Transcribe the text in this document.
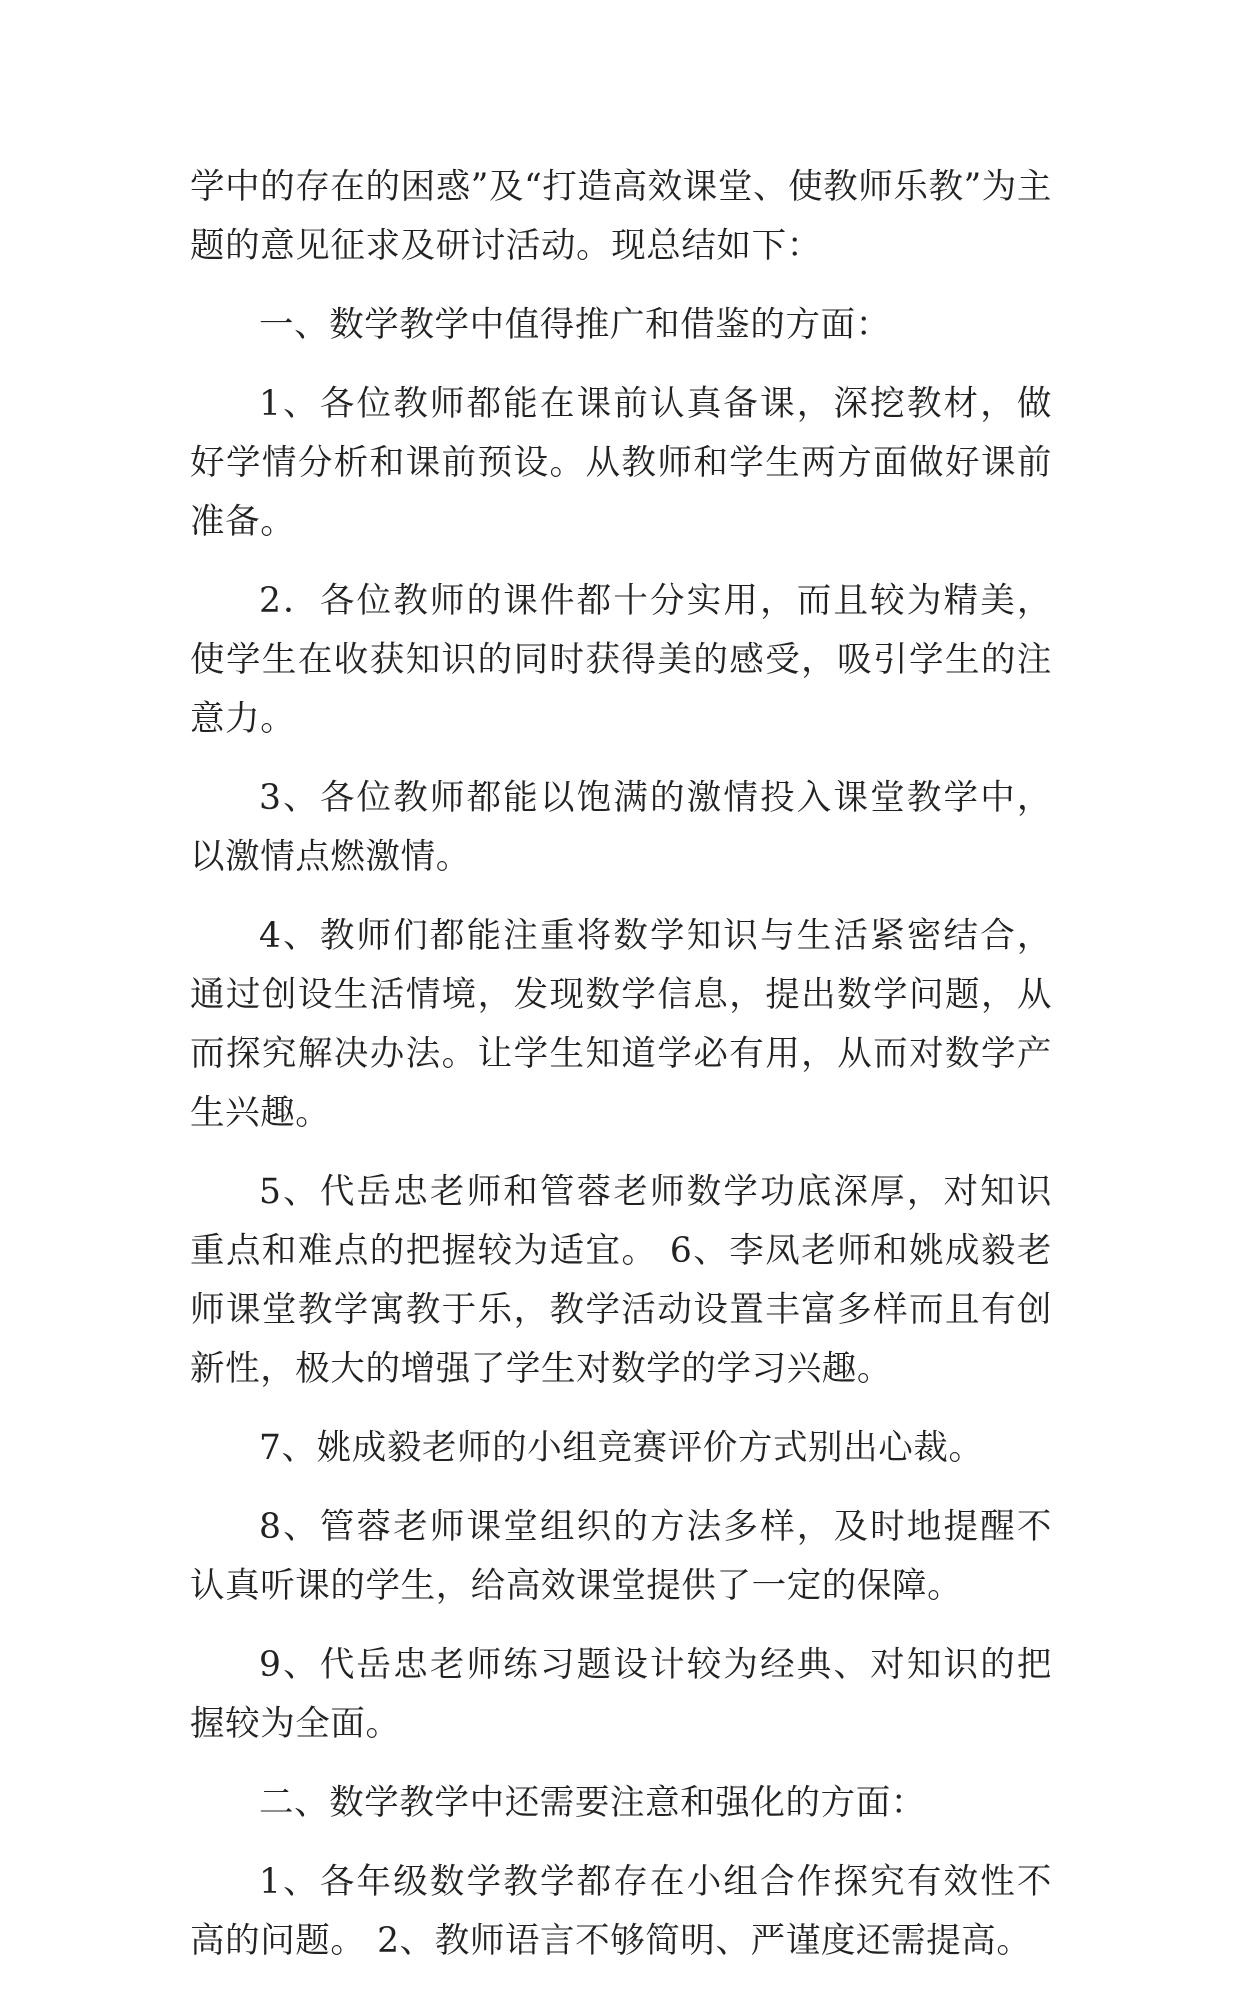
学中的存在的困惑”及“打造高效课堂、使教师乐教”为主题的意见征求及研讨活动。现总结如下：

一、数学教学中值得推广和借鉴的方面：

1、各位教师都能在课前认真备课，深挖教材，做好学情分析和课前预设。从教师和学生两方面做好课前准备。

2．各位教师的课件都十分实用，而且较为精美，使学生在收获知识的同时获得美的感受，吸引学生的注意力。

3、各位教师都能以饱满的激情投入课堂教学中，以激情点燃激情。

4、教师们都能注重将数学知识与生活紧密结合，通过创设生活情境，发现数学信息，提出数学问题，从而探究解决办法。让学生知道学必有用，从而对数学产生兴趣。

5、代岳忠老师和管蓉老师数学功底深厚，对知识重点和难点的把握较为适宜。 6、李凤老师和姚成毅老师课堂教学寓教于乐，教学活动设置丰富多样而且有创新性，极大的增强了学生对数学的学习兴趣。

7、姚成毅老师的小组竞赛评价方式别出心裁。

8、管蓉老师课堂组织的方法多样，及时地提醒不认真听课的学生，给高效课堂提供了一定的保障。

9、代岳忠老师练习题设计较为经典、对知识的把握较为全面。

二、数学教学中还需要注意和强化的方面：

1、各年级数学教学都存在小组合作探究有效性不高的问题。 2、教师语言不够简明、严谨度还需提高。
